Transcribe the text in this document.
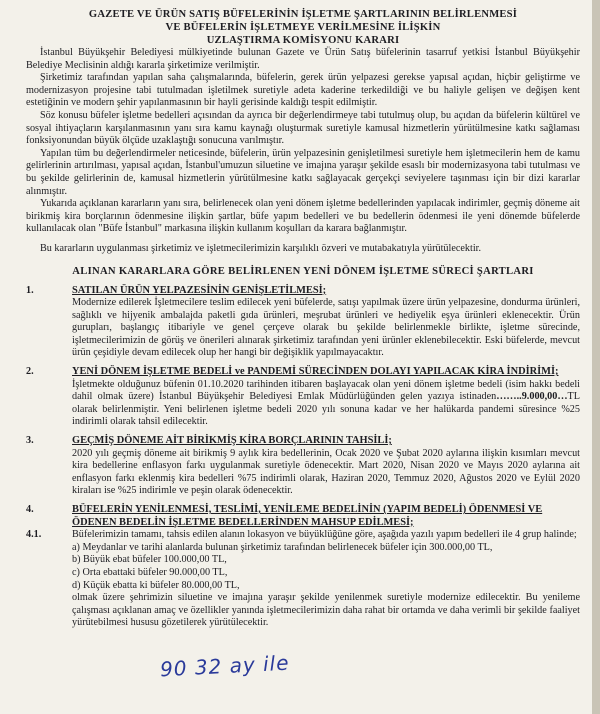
GAZETE VE ÜRÜN SATIŞ BÜFELERİNİN İŞLETME ŞARTLARININ BELİRLENMESİ
VE BÜFELERİN İŞLETMEYE VERİLMESİNE İLİŞKİN
UZLAŞTIRMA KOMİSYONU KARARI

İstanbul Büyükşehir Belediyesi mülkiyetinde bulunan Gazete ve Ürün Satış büfelerinin tasarruf yetkisi İstanbul Büyükşehir Belediye Meclisinin aldığı kararla şirketimize verilmiştir.

Şirketimiz tarafından yapılan saha çalışmalarında, büfelerin, gerek ürün yelpazesi gerekse yapısal açıdan, hiçbir geliştirme ve modernizasyon projesine tabi tutulmadan işletilmek suretiyle adeta kaderine terkedildiği ve bu haliyle gelişen ve değişen kent estetiğinin ve modern şehir yapılanmasının bir hayli gerisinde kaldığı tespit edilmiştir.

Söz konusu büfeler işletme bedelleri açısından da ayrıca bir değerlendirmeye tabi tutulmuş olup, bu açıdan da büfelerin kültürel ve sosyal ihtiyaçların karşılanmasının yanı sıra kamu kaynağı oluşturmak suretiyle kamusal hizmetlerin yürütülmesine katkı sağlaması fonksiyonundan büyük ölçüde uzaklaştığı sonucuna varılmıştır.

Yapılan tüm bu değerlendirmeler neticesinde, büfelerin, ürün yelpazesinin genişletilmesi suretiyle hem işletmecilerin hem de kamu gelirlerinin artırılması, yapısal açıdan, İstanbul'umuzun siluetine ve imajına yaraşır şekilde esaslı bir modernizasyona tabi tutulması ve bu şekilde gelirlerinin de, kamusal hizmetlerin yürütülmesine katkı sağlayacak gerçekçi seviyelere taşınması için bir dizi kararlar alınmıştır.

Yukarıda açıklanan kararların yanı sıra, belirlenecek olan yeni dönem işletme bedellerinden yapılacak indirimler, geçmiş döneme ait birikmiş kira borçlarının ödenmesine ilişkin şartlar, büfe yapım bedelleri ve bu bedellerin ödenmesi ile yeni dönemde büfelerde kullanılacak olan "Büfe İstanbul" markasına ilişkin kullanım koşulları da karara bağlanmıştır.

Bu kararların uygulanması şirketimiz ve işletmecilerimizin karşılıklı özveri ve mutabakatıyla yürütülecektir.

ALINAN KARARLARA GÖRE BELİRLENEN YENİ DÖNEM İŞLETME SÜRECİ ŞARTLARI
1.	SATILAN ÜRÜN YELPAZESİNİN GENİŞLETİLMESİ;

Modernize edilerek İşletmecilere teslim edilecek yeni büfelerde, satışı yapılmak üzere ürün yelpazesine, dondurma ürünleri, sağlıklı ve hijyenik ambalajda paketli gıda ürünleri, meşrubat ürünleri ve hediyelik eşya ürünleri eklenecektir. Ürün gurupları, başlangıç itibariyle ve genel çerçeve olarak bu şekilde belirlenmekle birlikte, işletme sürecinde, işletmecilerimizin de görüş ve önerileri alınarak şirketimiz tarafından yeni ürünler eklenebilecektir. Eski büfelerde, mevcut ürün çeşidiyle devam edilecek olup her hangi bir değişiklik yapılmayacaktır.

2.	YENİ DÖNEM İŞLETME BEDELİ ve PANDEMİ SÜRECİNDEN DOLAYI YAPILACAK KİRA İNDİRİMİ;

İşletmekte olduğunuz büfenin 01.10.2020 tarihinden itibaren başlayacak olan yeni dönem işletme bedeli (isim hakkı bedeli dahil olmak üzere) İstanbul Büyükşehir Belediyesi Emlak Müdürlüğünden gelen yazıya istinaden……..9.000,00…TL olarak belirlenmiştir. Yeni belirlenen işletme bedeli 2020 yılı sonuna kadar ve her halükarda pandemi süresince %25 indirimli olarak tahsil edilecektir.

3.	GEÇMİŞ DÖNEME AİT BİRİKMİŞ KİRA BORÇLARININ TAHSİLİ;

2020 yılı geçmiş döneme ait birikmiş 9 aylık kira bedellerinin, Ocak 2020 ve Şubat 2020 aylarına ilişkin kısımları mevcut kira bedellerine enflasyon farkı uygulanmak suretiyle ödenecektir. Mart 2020, Nisan 2020 ve Mayıs 2020 aylarına ait enflasyon farkı eklenmiş kira bedelleri %75 indirimli olarak, Haziran 2020, Temmuz 2020, Ağustos 2020 ve Eylül 2020 kiraları ise %25 indirimle ve peşin olarak ödenecektir.

4.	BÜFELERİN YENİLENMESİ, TESLİMİ, YENİLEME BEDELİNİN (YAPIM BEDELİ) ÖDENMESİ VE ÖDENEN BEDELİN İŞLETME BEDELLERİNDEN MAHSUP EDİLMESİ;
4.1.	Büfelerimizin tamamı, tahsis edilen alanın lokasyon ve büyüklüğüne göre, aşağıda yazılı yapım bedelleri ile 4 grup halinde;

a) Meydanlar ve tarihi alanlarda bulunan şirketimiz tarafından belirlenecek büfeler için 300.000,00 TL,

b) Büyük ebat büfeler 100.000,00 TL,

c) Orta ebattaki büfeler 90.000,00 TL,

d) Küçük ebatta ki büfeler 80.000,00 TL,

olmak üzere şehrimizin siluetine ve imajına yaraşır şekilde yenilenmek suretiyle modernize edilecektir. Bu yenileme çalışması açıklanan amaç ve özellikler yanında işletmecilerimizin daha rahat bir ortamda ve daha verimli bir şekilde faaliyet yürütebilmesi hususu gözetilerek yürütülecektir.

90 32 ay ile
